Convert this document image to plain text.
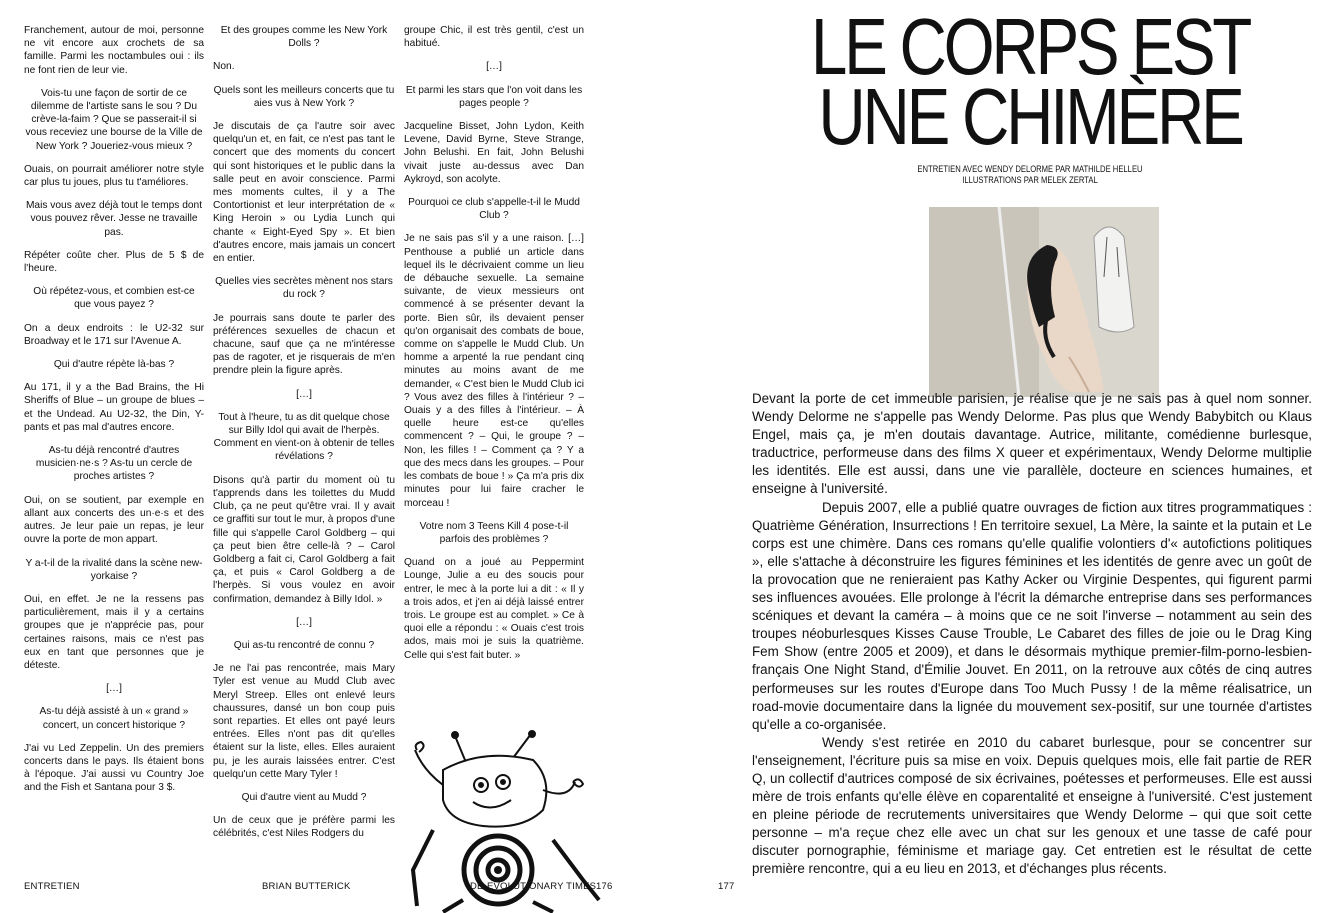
Franchement, autour de moi, personne ne vit encore aux crochets de sa famille. Parmi les noctambules oui : ils ne font rien de leur vie.

Vois-tu une façon de sortir de ce dilemme de l'artiste sans le sou ? Du crève-la-faim ? Que se passerait-il si vous receviez une bourse de la Ville de New York ? Joueriez-vous mieux ?

Ouais, on pourrait améliorer notre style car plus tu joues, plus tu t'améliores.

Mais vous avez déjà tout le temps dont vous pouvez rêver. Jesse ne travaille pas.

Répéter coûte cher. Plus de 5 $ de l'heure.

Où répétez-vous, et combien est-ce que vous payez ?

On a deux endroits : le U2-32 sur Broadway et le 171 sur l'Avenue A.

Qui d'autre répète là-bas ?

Au 171, il y a the Bad Brains, the Hi Sheriffs of Blue – un groupe de blues – et the Undead. Au U2-32, the Din, Y-pants et pas mal d'autres encore.

As-tu déjà rencontré d'autres musicien·ne·s ? As-tu un cercle de proches artistes ?

Oui, on se soutient, par exemple en allant aux concerts des un·e·s et des autres. Je leur paie un repas, je leur ouvre la porte de mon appart.

Y a-t-il de la rivalité dans la scène new-yorkaise ?

Oui, en effet. Je ne la ressens pas particulièrement, mais il y a certains groupes que je n'apprécie pas, pour certaines raisons, mais ce n'est pas eux en tant que personnes que je déteste.

[…]

As-tu déjà assisté à un « grand » concert, un concert historique ?

J'ai vu Led Zeppelin. Un des premiers concerts dans le pays. Ils étaient bons à l'époque. J'ai aussi vu Country Joe and the Fish et Santana pour 3 $.

Et des groupes comme les New York Dolls ?

Non.

Quels sont les meilleurs concerts que tu aies vus à New York ?

Je discutais de ça l'autre soir avec quelqu'un et, en fait, ce n'est pas tant le concert que des moments du concert qui sont historiques et le public dans la salle peut en avoir conscience. Parmi mes moments cultes, il y a The Contortionist et leur interprétation de « King Heroin » ou Lydia Lunch qui chante « Eight-Eyed Spy ». Et bien d'autres encore, mais jamais un concert en entier.

Quelles vies secrètes mènent nos stars du rock ?

Je pourrais sans doute te parler des préférences sexuelles de chacun et chacune, sauf que ça ne m'intéresse pas de ragoter, et je risquerais de m'en prendre plein la figure après.

[…]

Tout à l'heure, tu as dit quelque chose sur Billy Idol qui avait de l'herpès. Comment en vient-on à obtenir de telles révélations ?

Disons qu'à partir du moment où tu t'apprends dans les toilettes du Mudd Club, ça ne peut qu'être vrai. Il y avait ce graffiti sur tout le mur, à propos d'une fille qui s'appelle Carol Goldberg – qui ça peut bien être celle-là ? – Carol Goldberg a fait ci, Carol Goldberg a fait ça, et puis « Carol Goldberg a de l'herpès. Si vous voulez en avoir confirmation, demandez à Billy Idol. »

[…]

Qui as-tu rencontré de connu ?

Je ne l'ai pas rencontrée, mais Mary Tyler est venue au Mudd Club avec Meryl Streep. Elles ont enlevé leurs chaussures, dansé un bon coup puis sont reparties. Et elles ont payé leurs entrées. Elles n'ont pas dit qu'elles étaient sur la liste, elles. Elles auraient pu, je les aurais laissées entrer. C'est quelqu'un cette Mary Tyler !

Qui d'autre vient au Mudd ?

Un de ceux que je préfère parmi les célébrités, c'est Niles Rodgers du

groupe Chic, il est très gentil, c'est un habitué.

[…]

Et parmi les stars que l'on voit dans les pages people ?

Jacqueline Bisset, John Lydon, Keith Levene, David Byrne, Steve Strange, John Belushi. En fait, John Belushi vivait juste au-dessus avec Dan Aykroyd, son acolyte.

Pourquoi ce club s'appelle-t-il le Mudd Club ?

Je ne sais pas s'il y a une raison. […] Penthouse a publié un article dans lequel ils le décrivaient comme un lieu de débauche sexuelle. La semaine suivante, de vieux messieurs ont commencé à se présenter devant la porte. Bien sûr, ils devaient penser qu'on organisait des combats de boue, comme on s'appelle le Mudd Club. Un homme a arpenté la rue pendant cinq minutes au moins avant de me demander, « C'est bien le Mudd Club ici ? Vous avez des filles à l'intérieur ? – Ouais y a des filles à l'intérieur. – À quelle heure est-ce qu'elles commencent ? – Qui, le groupe ? – Non, les filles ! – Comment ça ? Y a que des mecs dans les groupes. – Pour les combats de boue ! » Ça m'a pris dix minutes pour lui faire cracher le morceau !

Votre nom 3 Teens Kill 4 pose-t-il parfois des problèmes ?

Quand on a joué au Peppermint Lounge, Julie a eu des soucis pour entrer, le mec à la porte lui a dit : « Il y a trois ados, et j'en ai déjà laissé entrer trois. Le groupe est au complet. » Ce à quoi elle a répondu : « Ouais c'est trois ados, mais moi je suis la quatrième. Celle qui s'est fait buter. »

ENTRETIEN	BRIAN BUTTERICK	DE-EVOLUTIONARY TIMES 176
LE CORPS EST
UNE CHIMÈRE
ENTRETIEN AVEC WENDY DELORME PAR MATHILDE HELLEU
ILLUSTRATIONS PAR MELEK ZERTAL

Devant la porte de cet immeuble parisien, je réalise que je ne sais pas à quel nom sonner. Wendy Delorme ne s'appelle pas Wendy Delorme. Pas plus que Wendy Babybitch ou Klaus Engel, mais ça, je m'en doutais davantage. Autrice, militante, comédienne burlesque, traductrice, performeuse dans des films X queer et expérimentaux, Wendy Delorme multiplie les identités. Elle est aussi, dans une vie parallèle, docteure en sciences humaines, et enseigne à l'université.

Depuis 2007, elle a publié quatre ouvrages de fiction aux titres programmatiques : Quatrième Génération, Insurrections ! En territoire sexuel, La Mère, la sainte et la putain et Le corps est une chimère. Dans ces romans qu'elle qualifie volontiers d'« autofictions politiques », elle s'attache à déconstruire les figures féminines et les identités de genre avec un goût de la provocation que ne renieraient pas Kathy Acker ou Virginie Despentes, qui figurent parmi ses influences avouées. Elle prolonge à l'écrit la démarche entreprise dans ses performances scéniques et devant la caméra – à moins que ce ne soit l'inverse – notamment au sein des troupes néoburlesques Kisses Cause Trouble, Le Cabaret des filles de joie ou le Drag King Fem Show (entre 2005 et 2009), et dans le désormais mythique premier-film-porno-lesbien-français One Night Stand, d'Émilie Jouvet. En 2011, on la retrouve aux côtés de cinq autres performeuses sur les routes d'Europe dans Too Much Pussy ! de la même réalisatrice, un road-movie documentaire dans la lignée du mouvement sex-positif, sur une tournée d'artistes qu'elle a co-organisée.

Wendy s'est retirée en 2010 du cabaret burlesque, pour se concentrer sur l'enseignement, l'écriture puis sa mise en voix. Depuis quelques mois, elle fait partie de RER Q, un collectif d'autrices composé de six écrivaines, poétesses et performeuses. Elle est aussi mère de trois enfants qu'elle élève en coparentalité et enseigne à l'université. C'est justement en pleine période de recrutements universitaires que Wendy Delorme – qui que soit cette personne – m'a reçue chez elle avec un chat sur les genoux et une tasse de café pour discuter pornographie, féminisme et mariage gay. Cet entretien est le résultat de cette première rencontre, qui a eu lieu en 2013, et d'échanges plus récents.

177
